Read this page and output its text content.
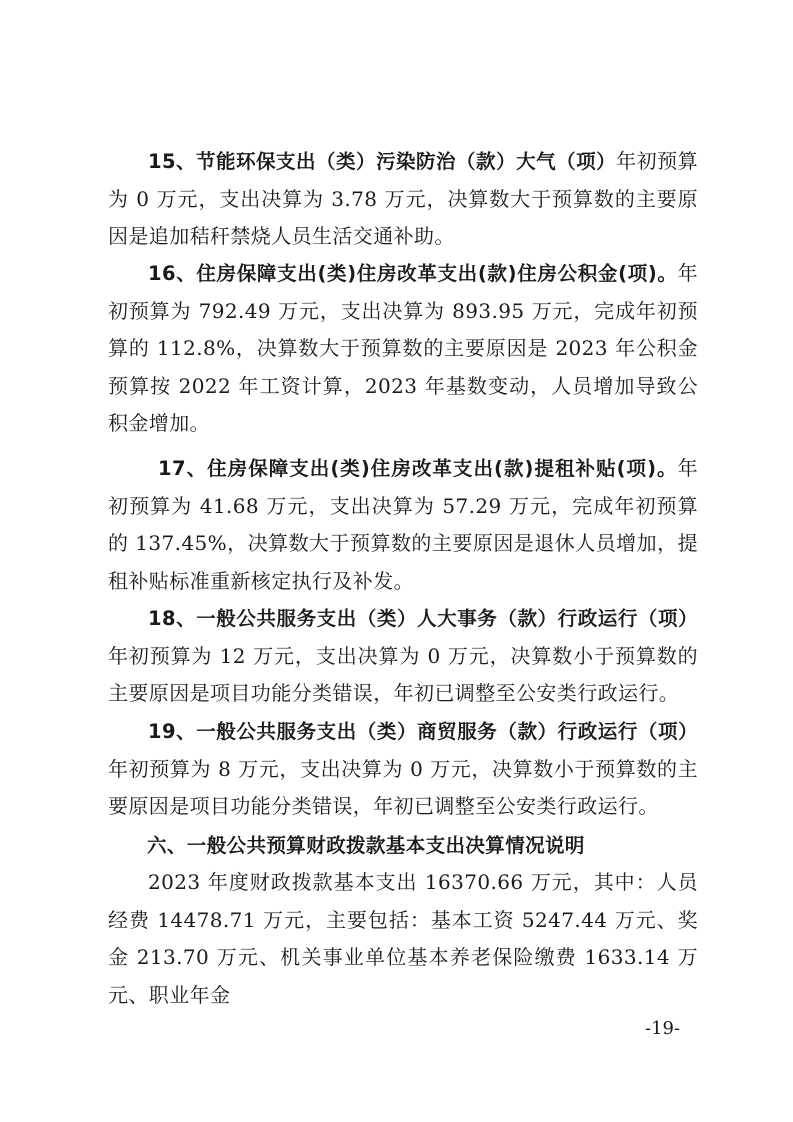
15、节能环保支出（类）污染防治（款）大气（项）年初预算为 0 万元，支出决算为 3.78 万元，决算数大于预算数的主要原因是追加秸秆禁烧人员生活交通补助。

16、住房保障支出(类)住房改革支出(款)住房公积金(项)。年初预算为 792.49 万元，支出决算为 893.95 万元，完成年初预算的 112.8%，决算数大于预算数的主要原因是 2023 年公积金预算按 2022 年工资计算，2023 年基数变动，人员增加导致公积金增加。

17、住房保障支出(类)住房改革支出(款)提租补贴(项)。年初预算为 41.68 万元，支出决算为 57.29 万元，完成年初预算的 137.45%，决算数大于预算数的主要原因是退休人员增加，提租补贴标准重新核定执行及补发。

18、一般公共服务支出（类）人大事务（款）行政运行（项）年初预算为 12 万元，支出决算为 0 万元，决算数小于预算数的主要原因是项目功能分类错误，年初已调整至公安类行政运行。

19、一般公共服务支出（类）商贸服务（款）行政运行（项）年初预算为 8 万元，支出决算为 0 万元，决算数小于预算数的主要原因是项目功能分类错误，年初已调整至公安类行政运行。

六、一般公共预算财政拨款基本支出决算情况说明

2023 年度财政拨款基本支出 16370.66 万元，其中：人员经费 14478.71 万元，主要包括：基本工资 5247.44 万元、奖金 213.70 万元、机关事业单位基本养老保险缴费 1633.14 万元、职业年金

-19-
